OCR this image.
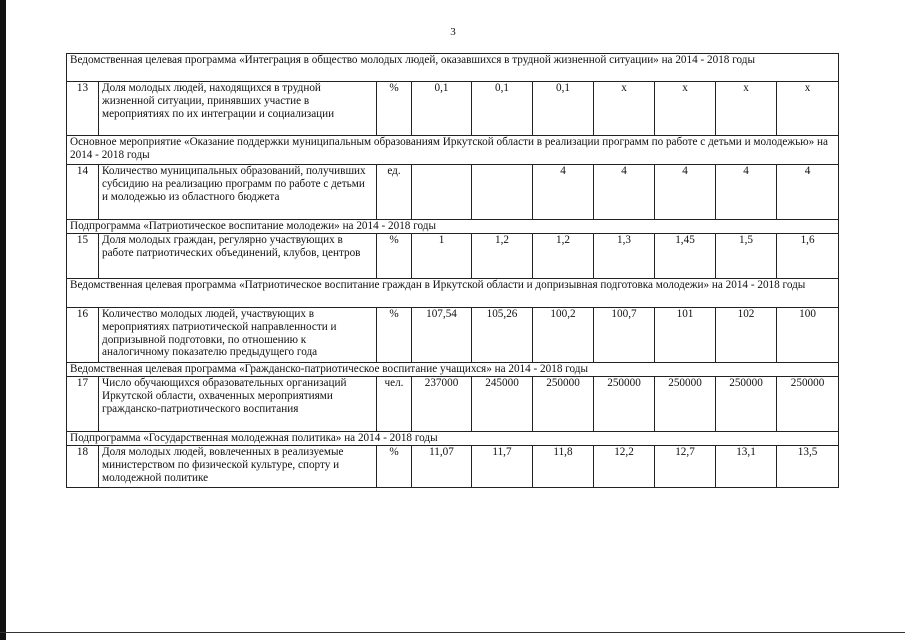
3
Ведомственная целевая программа «Интеграция в общество молодых людей, оказавшихся в трудной жизненной ситуации» на 2014 - 2018 годы									
13	Доля молодых людей, находящихся в трудной жизненной ситуации, принявших участие в мероприятиях по их интеграции и социализации	%	0,1	0,1	0,1	x	x	x	x
Основное мероприятие «Оказание поддержки муниципальным образованиям Иркутской области в реализации программ по работе с детьми и молодежью» на 2014 - 2018 годы									
14	Количество муниципальных образований, получивших субсидию на реализацию программ по работе с детьми и молодежью из областного бюджета	ед.			4	4	4	4	4
Подпрограмма «Патриотическое воспитание молодежи» на 2014 - 2018 годы									
15	Доля молодых граждан, регулярно участвующих в работе патриотических объединений, клубов, центров	%	1	1,2	1,2	1,3	1,45	1,5	1,6
Ведомственная целевая программа «Патриотическое воспитание граждан в Иркутской области и допризывная подготовка молодежи» на 2014 - 2018 годы									
16	Количество молодых людей, участвующих в мероприятиях патриотической направленности и допризывной подготовки, по отношению к аналогичному показателю предыдущего года	%	107,54	105,26	100,2	100,7	101	102	100
Ведомственная целевая программа «Гражданско-патриотическое воспитание учащихся» на 2014 - 2018 годы									
17	Число обучающихся образовательных организаций Иркутской области, охваченных мероприятиями гражданско-патриотического воспитания	чел.	237000	245000	250000	250000	250000	250000	250000
Подпрограмма «Государственная молодежная политика» на 2014 - 2018 годы									
18	Доля молодых людей, вовлеченных в реализуемые министерством по физической культуре, спорту и молодежной политике	%	11,07	11,7	11,8	12,2	12,7	13,1	13,5
